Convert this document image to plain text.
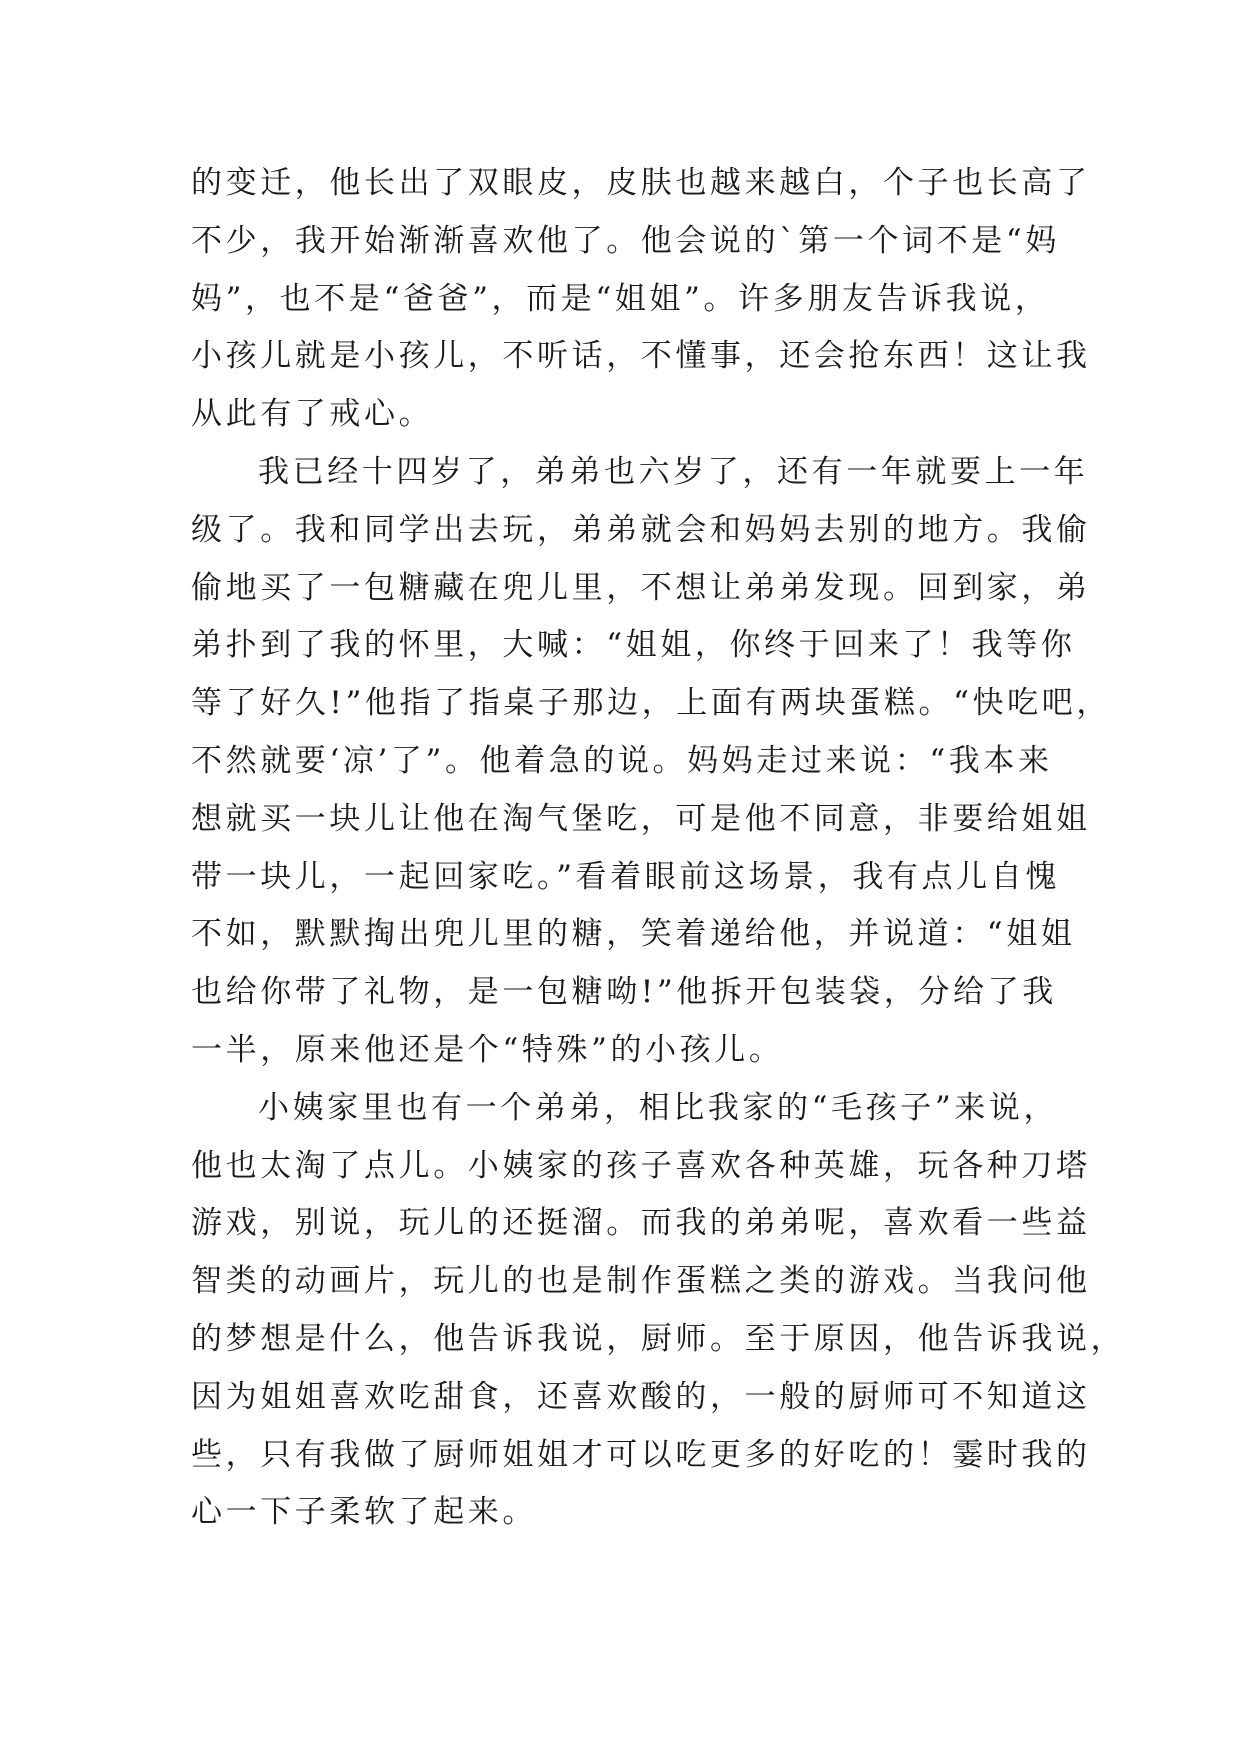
的变迁，他长出了双眼皮，皮肤也越来越白，个子也长高了
不少，我开始渐渐喜欢他了。他会说的`第一个词不是“妈
妈”，也不是“爸爸”，而是“姐姐”。许多朋友告诉我说，
小孩儿就是小孩儿，不听话，不懂事，还会抢东西！这让我
从此有了戒心。
我已经十四岁了，弟弟也六岁了，还有一年就要上一年
级了。我和同学出去玩，弟弟就会和妈妈去别的地方。我偷
偷地买了一包糖藏在兜儿里，不想让弟弟发现。回到家，弟
弟扑到了我的怀里，大喊：“姐姐，你终于回来了！我等你
等了好久!”他指了指桌子那边，上面有两块蛋糕。“快吃吧，
不然就要‘凉’了”。他着急的说。妈妈走过来说：“我本来
想就买一块儿让他在淘气堡吃，可是他不同意，非要给姐姐
带一块儿，一起回家吃。”看着眼前这场景，我有点儿自愧
不如，默默掏出兜儿里的糖，笑着递给他，并说道：“姐姐
也给你带了礼物，是一包糖呦!”他拆开包装袋，分给了我
一半，原来他还是个“特殊”的小孩儿。
小姨家里也有一个弟弟，相比我家的“毛孩子”来说，
他也太淘了点儿。小姨家的孩子喜欢各种英雄，玩各种刀塔
游戏，别说，玩儿的还挺溜。而我的弟弟呢，喜欢看一些益
智类的动画片，玩儿的也是制作蛋糕之类的游戏。当我问他
的梦想是什么，他告诉我说，厨师。至于原因，他告诉我说，
因为姐姐喜欢吃甜食，还喜欢酸的，一般的厨师可不知道这
些，只有我做了厨师姐姐才可以吃更多的好吃的！霎时我的
心一下子柔软了起来。
